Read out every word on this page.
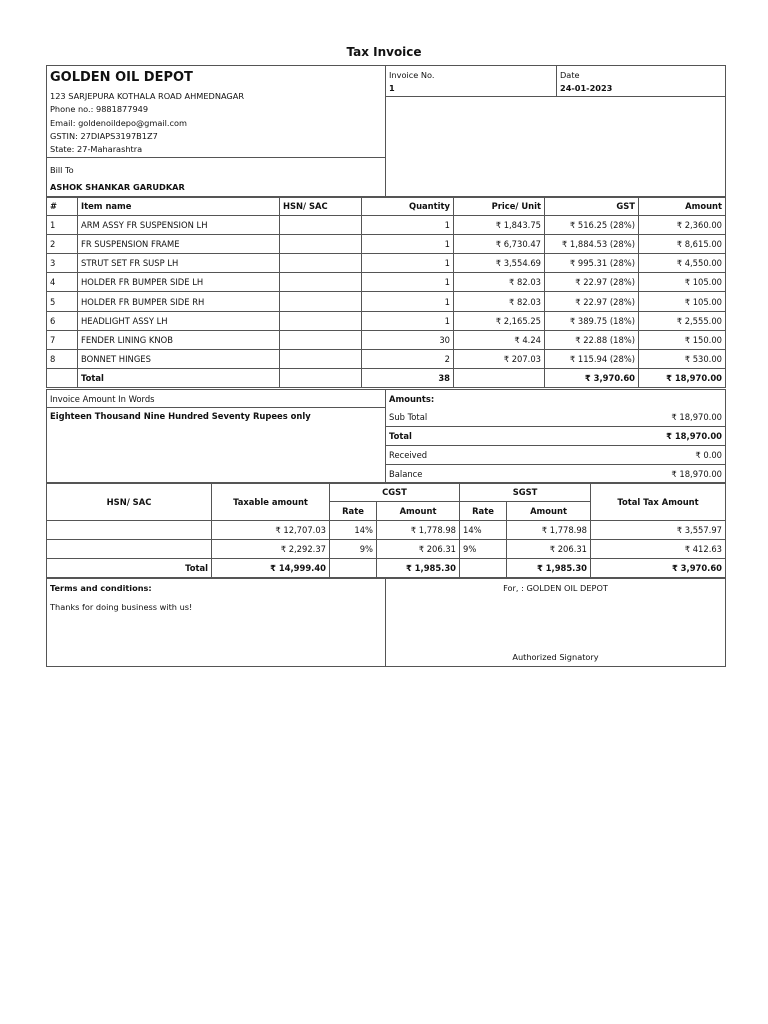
Tax Invoice
GOLDEN OIL DEPOT
123 SARJEPURA KOTHALA ROAD AHMEDNAGAR
Phone no.: 9881877949
Email: goldenoildepo@gmail.com
GSTIN: 27DIAPS3197B1Z7
State: 27-Maharashtra

Invoice No.
1

Date
24-01-2023

Bill To
ASHOK SHANKAR GARUDKAR
#	Item name	HSN/ SAC	Quantity	Price/ Unit	GST	Amount
1	ARM ASSY FR SUSPENSION LH		1	₹ 1,843.75	₹ 516.25 (28%)	₹ 2,360.00
2	FR SUSPENSION FRAME		1	₹ 6,730.47	₹ 1,884.53 (28%)	₹ 8,615.00
3	STRUT SET FR SUSP LH		1	₹ 3,554.69	₹ 995.31 (28%)	₹ 4,550.00
4	HOLDER FR BUMPER SIDE LH		1	₹ 82.03	₹ 22.97 (28%)	₹ 105.00
5	HOLDER FR BUMPER SIDE RH		1	₹ 82.03	₹ 22.97 (28%)	₹ 105.00
6	HEADLIGHT ASSY LH		1	₹ 2,165.25	₹ 389.75 (18%)	₹ 2,555.00
7	FENDER LINING KNOB		30	₹ 4.24	₹ 22.88 (18%)	₹ 150.00
8	BONNET HINGES		2	₹ 207.03	₹ 115.94 (28%)	₹ 530.00
	Total		38		₹ 3,970.60	₹ 18,970.00
Invoice Amount In Words	Amounts:	
Eighteen Thousand Nine Hundred Seventy Rupees only	Sub Total	₹ 18,970.00
	Total	₹ 18,970.00
	Received	₹ 0.00
	Balance	₹ 18,970.00
HSN/ SAC	Taxable amount	CGST		SGST		Total Tax Amount
		Rate	Amount	Rate	Amount	
	₹ 12,707.03	14%	₹ 1,778.98	14%	₹ 1,778.98	₹ 3,557.97
	₹ 2,292.37	9%	₹ 206.31	9%	₹ 206.31	₹ 412.63
Total	₹ 14,999.40		₹ 1,985.30		₹ 1,985.30	₹ 3,970.60
Terms and conditions:
Thanks for doing business with us!

For, : GOLDEN OIL DEPOT
Authorized Signatory
